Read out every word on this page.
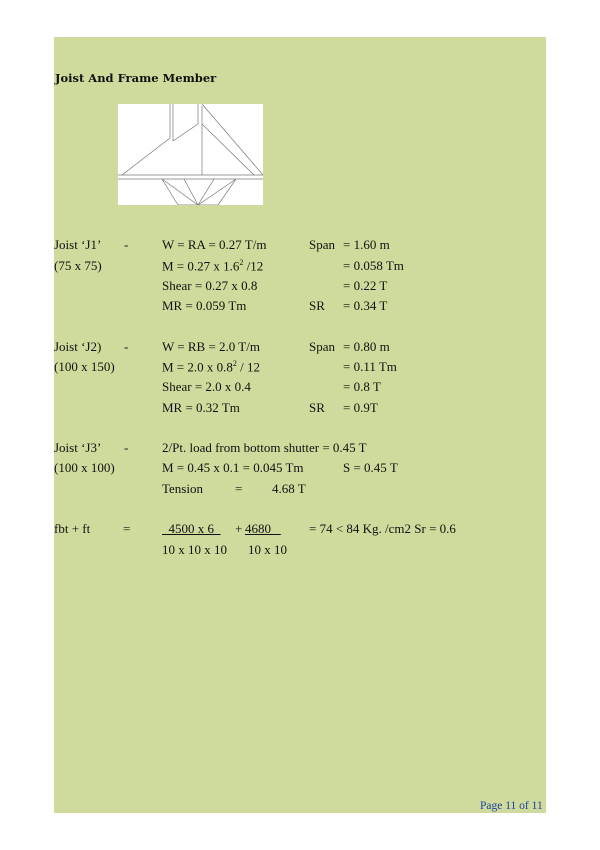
Joist And Frame Member
Joist ‘J1’ -
(75 x 75)
W = RA = 0.27 T/m	Span = 1.60 m
M = 0.27 x $1.6^2$ /12	= 0.058 Tm
Shear = 0.27 x 0.8	= 0.22 T
MR = 0.059 Tm	SR = 0.34 T
Joist ‘J2) -
(100 x 150)
W = RB = 2.0 T/m	Span = 0.80 m
M = 2.0 x $0.8^2 / 12$	= 0.11 Tm
Shear = 2.0 x 0.4	= 0.8 T
MR = 0.32 Tm	SR = 0.9T
Joist ‘J3’ -
(100 x 100)
2/Pt. load from bottom shutter = 0.45 T
M = 0.45 x 0.1 = 0.045 Tm	S = 0.45 T
Tension = 4.68 T
fbt + ft	=	4500 x 6	+ 4680	= 74 < 84 Kg. /cm2 Sr = 0.6
10 x 10 x 10 10 x 10
Page 11 of 11
